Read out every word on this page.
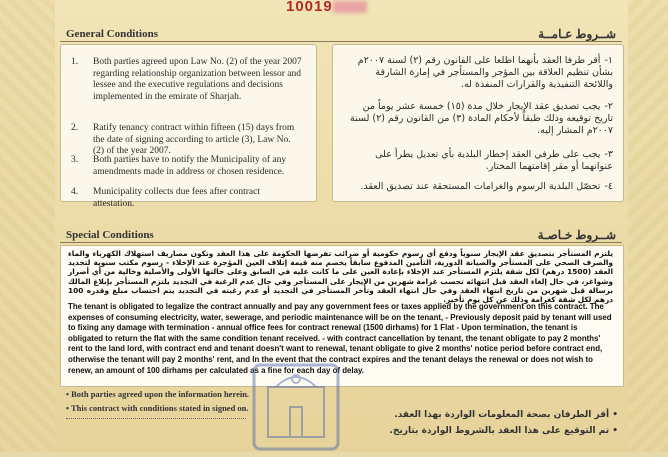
10019
General Conditions	شــروط عـامــة
1. Both parties agreed upon Law No. (2) of the year 2007 regarding relationship organization between lessor and lessee and the executive regulations and decisions implemented in the emirate of Sharjah.
2. Ratify tenancy contract within fifteen (15) days from the date of signing according to article (3), Law No. (2) of the year 2007.
3. Both parties have to notify the Municipality of any amendments made in address or chosen residence.
4. Municipality collects due fees after contract attestation.
١-أقر طرفا العقد بأنهما اطلعا على القانون رقم (٢) لسنة ٢٠٠٧م بشأن تنظيم العلاقة بين المؤجر والمستأجر في إمارة الشارقة واللائحة التنفيذية والقرارات المنفذة له.
٢-يجب تصديق عقد الإيجار خلال مدة (١٥) خمسة عشر يوماً من تاريخ توقيعه وذلك طبقاً لأحكام المادة (٣) من القانون رقم (٢) لسنة ٢٠٠٧م المشار إليه.
٣-يجب على طرفي العقد إخطار البلدية بأي تعديل يطرأ على عنوانهما أو مقر إقامتهما المختار.
٤-تحصّل البلدية الرسوم والغرامات المستحقة عند تصديق العقد.
Special Conditions	شــروط خـاصـة
يلتزم المستأجر بتصديق عقد الإيجار سنوياً ودفع أي رسوم حكومية أو ضرائب تفرضها الحكومة على هذا العقد وتكون مصاريف استهلاك الكهرباء والماء والصرف الصحي على المستأجر والصيانة الدورية، التأمين المدفوع سابقاً يخصم منه قيمة إتلاف العين المؤجرة عند الإخلاء - رسوم مكتب سنوية لتجديد العقد (1500 درهم) لكل شقة يلتزم المستأجر عند الإخلاء بإعادة العين على ما كانت عليه في السابق وعلى حالتها الأولى والأصلية وخالية من أي أضرار وشواغر، في حال إلغاء العقد قبل انتهائه تحسب غرامة شهرين من الإيجار على المستأجر وفي حال عدم الرغبة في التجديد يلتزم المستأجر بإبلاغ المالك برسالة قبل شهرين من تاريخ انتهاء العقد وفي حال انتهاء العقد وتأخر المستأجر في التجديد أو عدم رغبته في التجديد يتم احتساب مبلغ وقدره 100 درهم لكل شقة كغرامة وذلك عن كل يوم تأخير.
The tenant is obligated to legalize the contract annually and pay any government fees or taxes applied by the government on this contract. The expenses of consuming electricity, water, sewerage, and periodic maintenance will be on the tenant, - Previously deposit paid by tenant will used to fixing any damage with termination - annual office fees for contract renewal (1500 dirhams) for 1 Flat - Upon termination, the tenant is obligated to return the flat with the same condition tenant received. - with contract cancellation by tenant, the tenant obligate to pay 2 months' rent to the land lord, with contract end and tenant doesn't want to renewal, tenant obligate to give 2 months' notice period before contract end, otherwise the tenant will pay 2 months' rent, and In the event that the contract expires and the tenant delays the renewal or does not wish to renew, an amount of 100 dirhams per calculated as a fine for each day of delay.
• Both parties agreed upon the information herein.
• This contract with conditions stated in signed on.
• أقر الطرفان بصحة المعلومات الواردة بهذا العقد.
• تم التوقيع على هذا العقد بالشروط الواردة بتاريخ.
